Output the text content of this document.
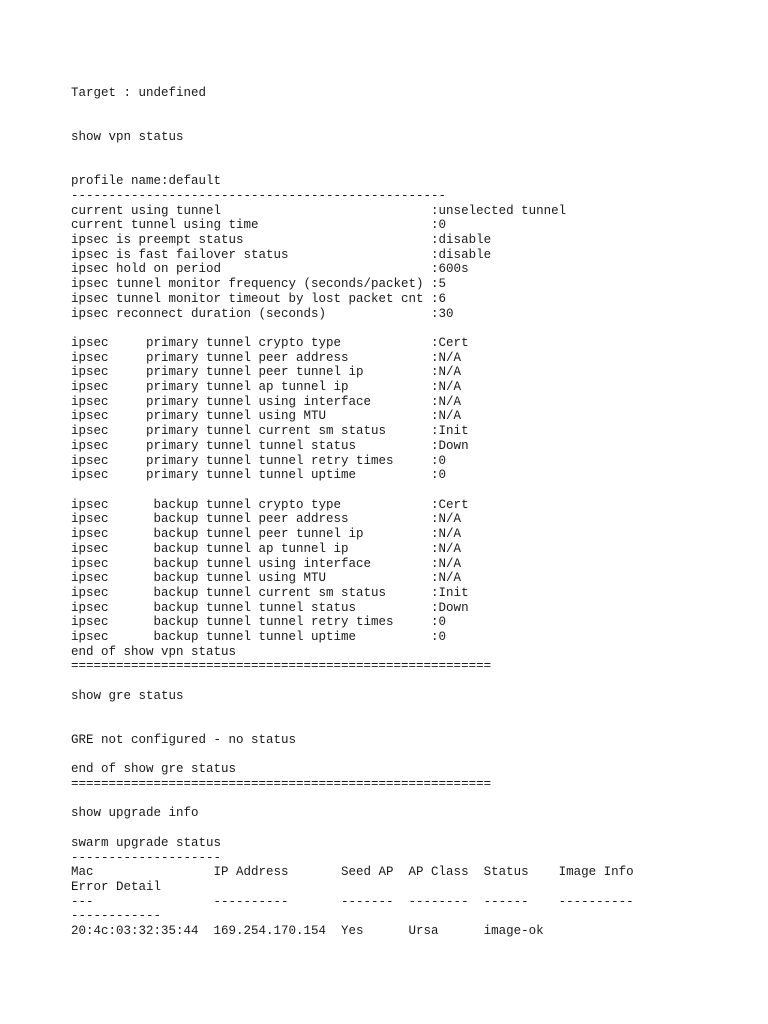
Target : undefined

show vpn status

profile name:default
--------------------------------------------------
current using tunnel                            :unselected tunnel
current tunnel using time                       :0
ipsec is preempt status                         :disable
ipsec is fast failover status                   :disable
ipsec hold on period                            :600s
ipsec tunnel monitor frequency (seconds/packet) :5
ipsec tunnel monitor timeout by lost packet cnt :6
ipsec reconnect duration (seconds)              :30

ipsec     primary tunnel crypto type            :Cert
ipsec     primary tunnel peer address           :N/A
ipsec     primary tunnel peer tunnel ip         :N/A
ipsec     primary tunnel ap tunnel ip           :N/A
ipsec     primary tunnel using interface        :N/A
ipsec     primary tunnel using MTU              :N/A
ipsec     primary tunnel current sm status      :Init
ipsec     primary tunnel tunnel status          :Down
ipsec     primary tunnel tunnel retry times     :0
ipsec     primary tunnel tunnel uptime          :0

ipsec      backup tunnel crypto type            :Cert
ipsec      backup tunnel peer address           :N/A
ipsec      backup tunnel peer tunnel ip         :N/A
ipsec      backup tunnel ap tunnel ip           :N/A
ipsec      backup tunnel using interface        :N/A
ipsec      backup tunnel using MTU              :N/A
ipsec      backup tunnel current sm status      :Init
ipsec      backup tunnel tunnel status          :Down
ipsec      backup tunnel tunnel retry times     :0
ipsec      backup tunnel tunnel uptime          :0
end of show vpn status
========================================================

show gre status

GRE not configured - no status

end of show gre status
========================================================

show upgrade info

swarm upgrade status
--------------------
Mac                IP Address       Seed AP  AP Class  Status    Image Info
Error Detail
---                ----------       -------  --------  ------    ----------
------------
20:4c:03:32:35:44  169.254.170.154  Yes      Ursa      image-ok
